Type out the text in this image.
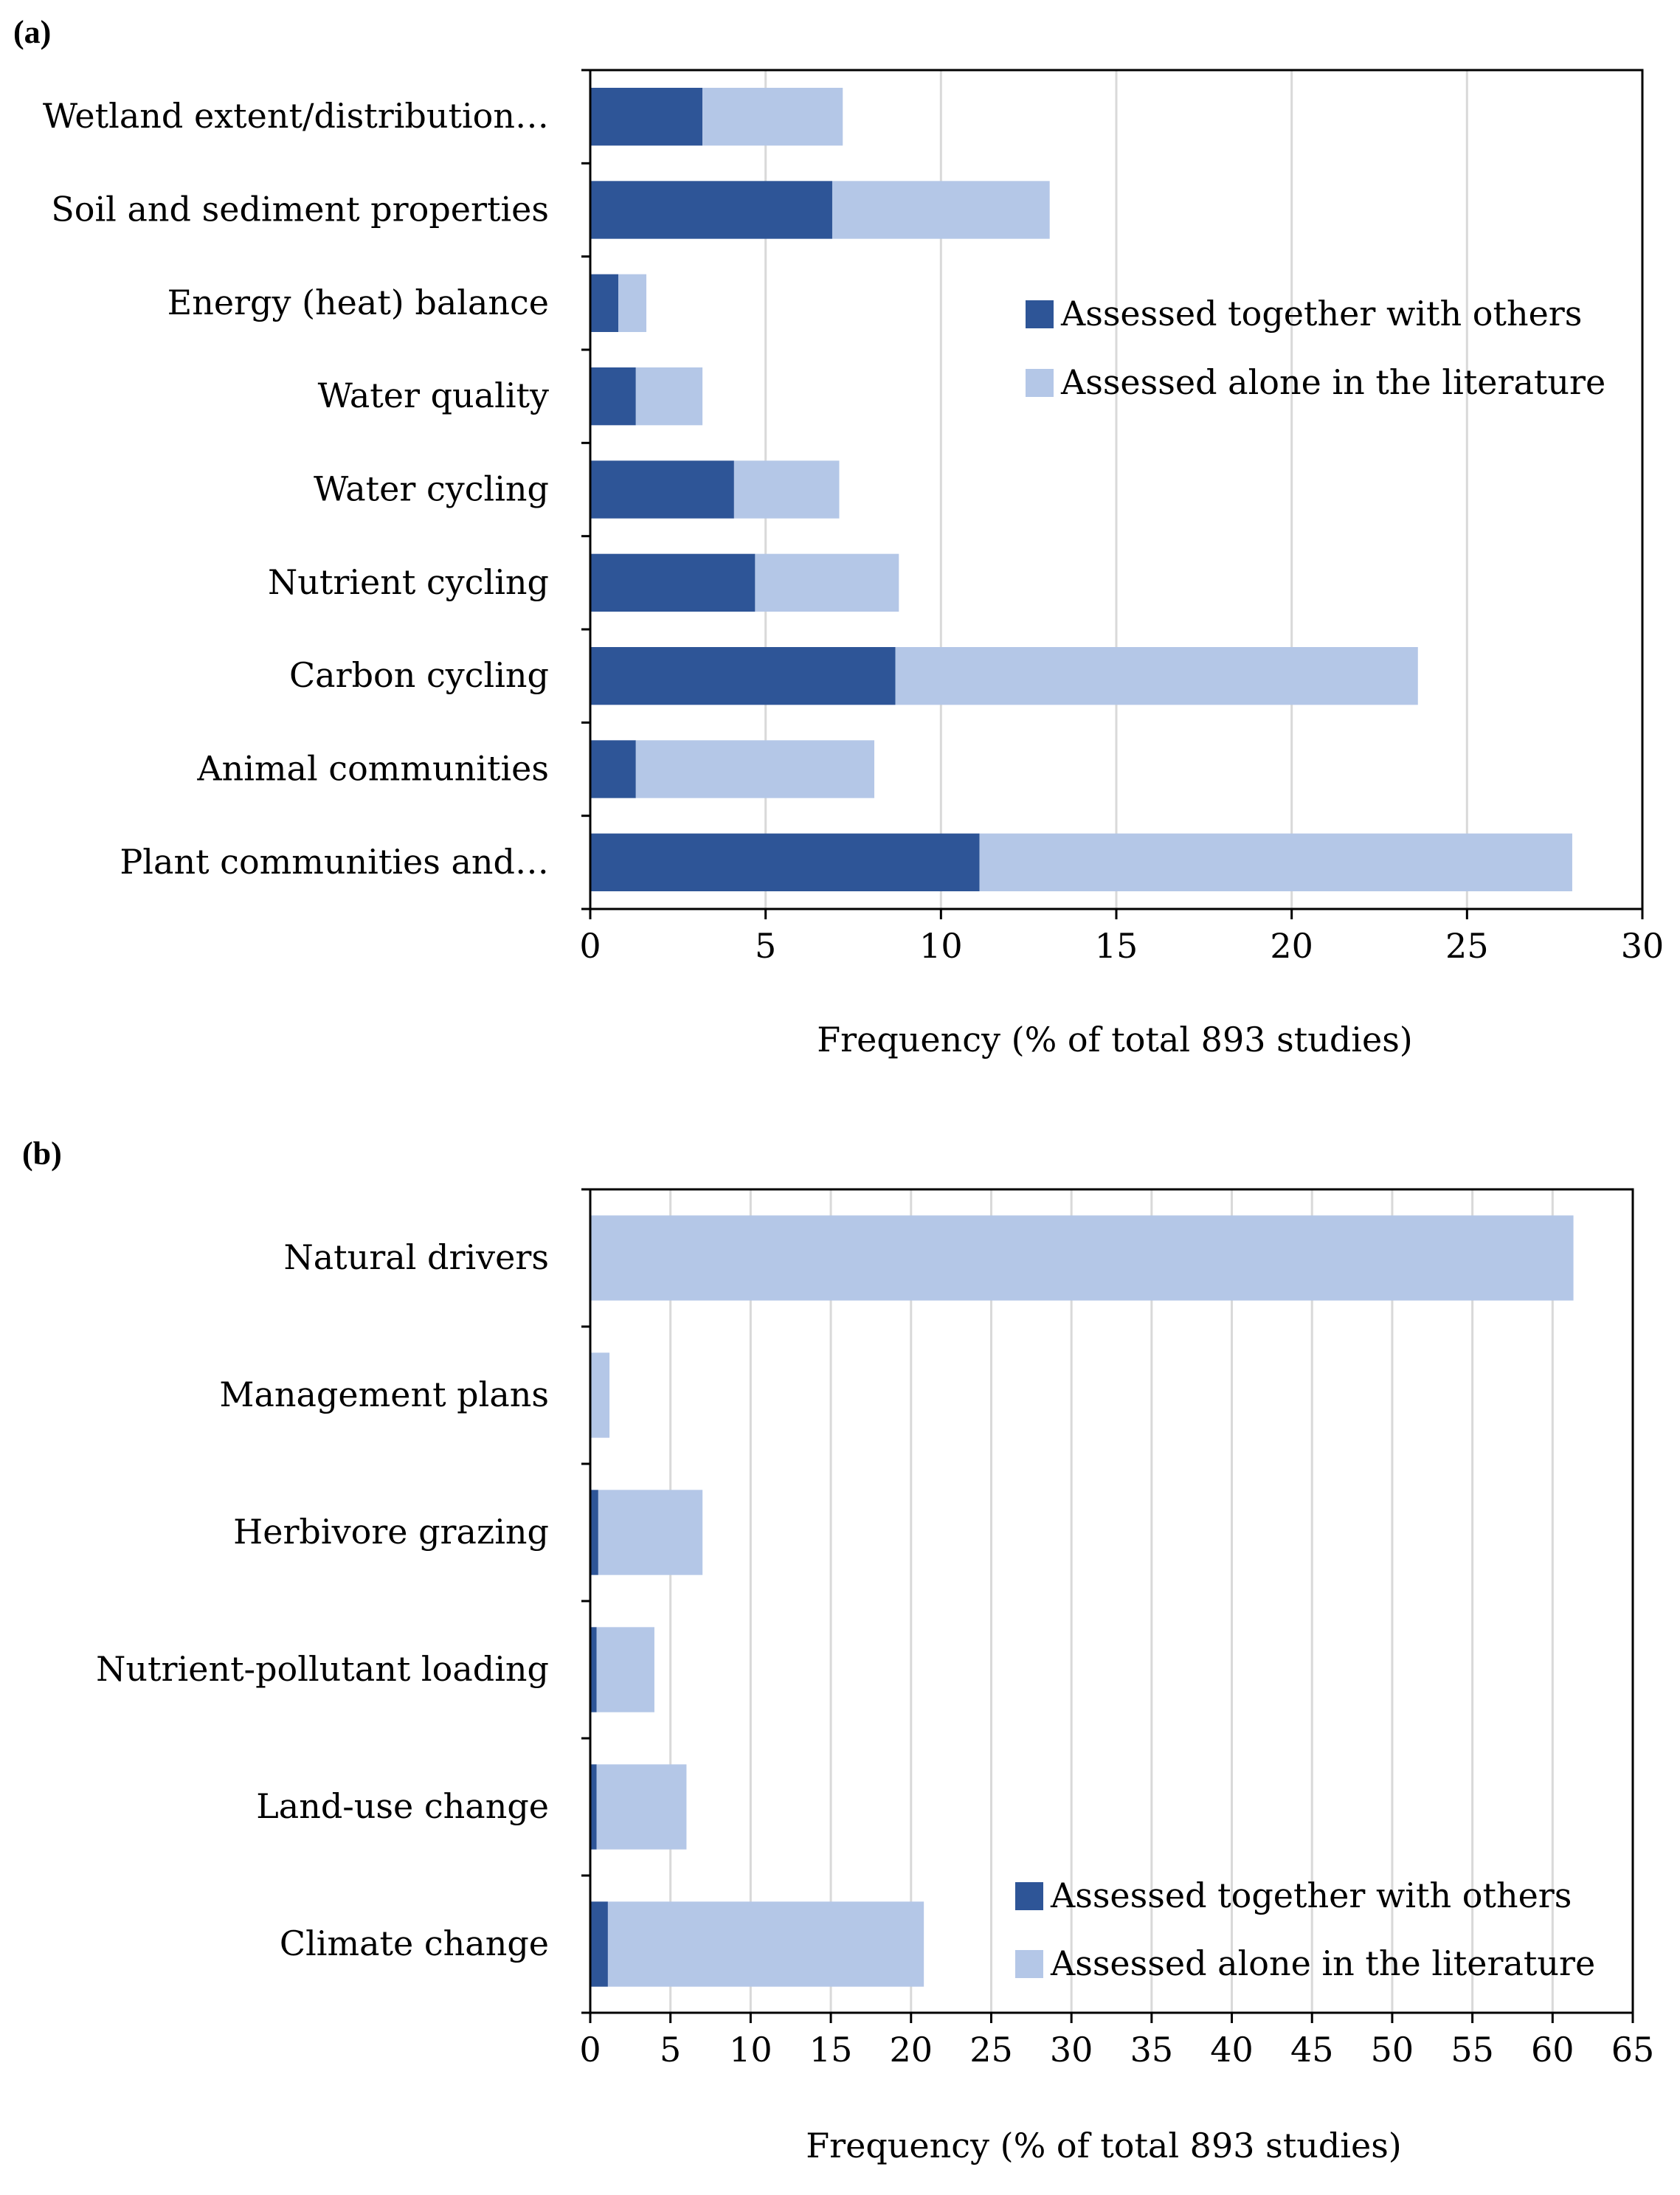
(a)
Wetland extent/distribution…
Soil and sediment properties
Energy (heat) balance
Water quality
Water cycling
Nutrient cycling
Carbon cycling
Animal communities
Plant communities and…
0	5	10	15	20	25	30
Frequency (% of total 893 studies)
Assessed together with others
Assessed alone in the literature
(b)
Natural drivers
Management plans
Herbivore grazing
Nutrient-pollutant loading
Land-use change
Climate change
0 5 10 15 20 25 30 35 40 45 50 55 60 65
Frequency (% of total 893 studies)
Assessed together with others
Assessed alone in the literature
